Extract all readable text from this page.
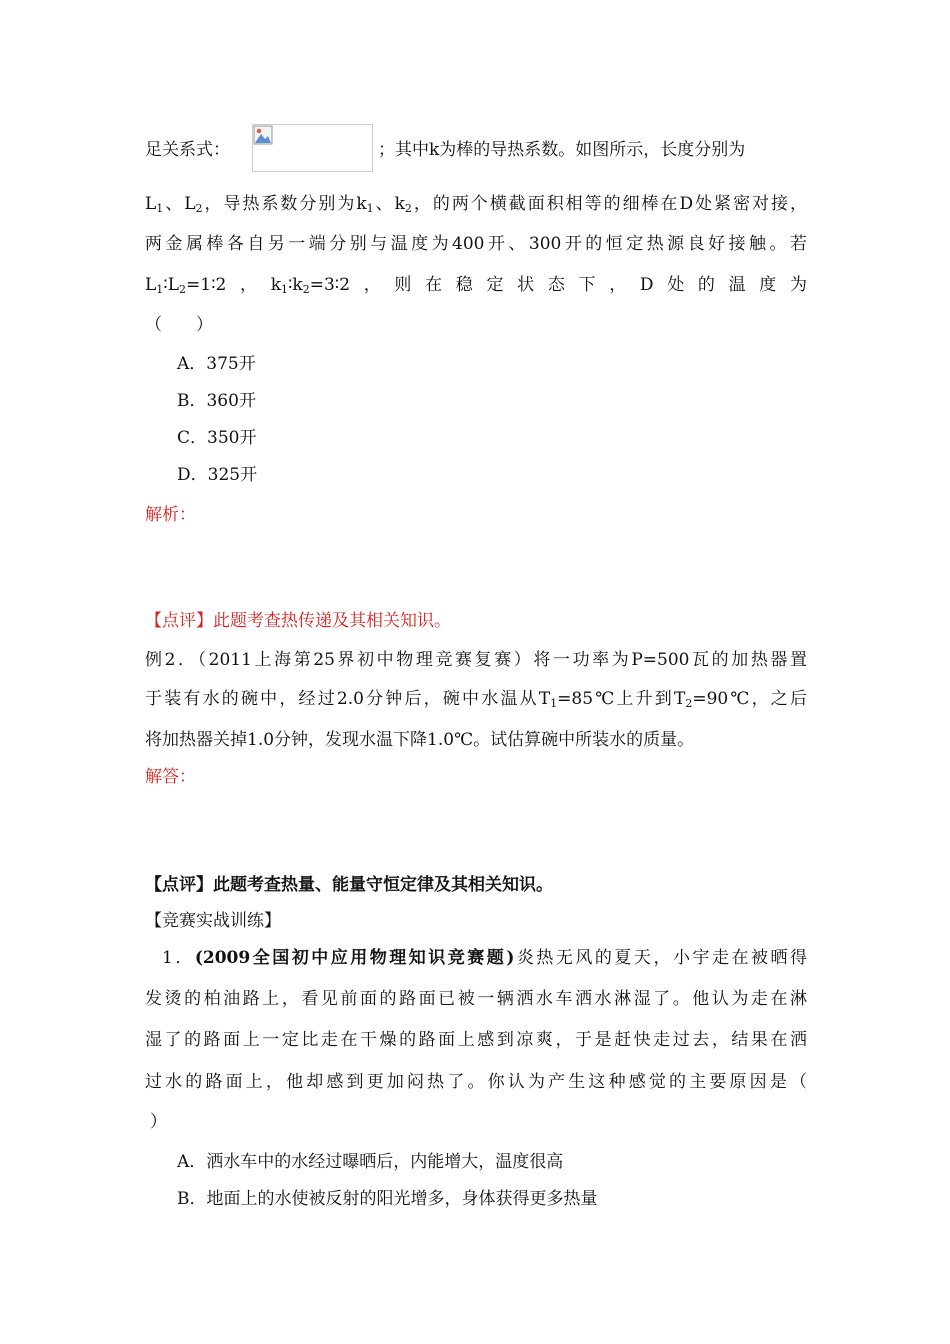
足关系式：	；其中k为棒的导热系数。如图所示，长度分别为
$L_1$、$L_2$，导热系数分别为$k_1$、$k_2$，的两个横截面积相等的细棒在D处紧密对接，
两金属棒各自另一端分别与温度为400开、300开的恒定热源良好接触。若
$L_1∶L_2=1∶2$，$k_1∶k_2=3∶2$，则在稳定状态下，D处的温度为
（　　）
A．375开
B．360开
C．350开
D．325开
解析：
【点评】此题考查热传递及其相关知识。
例2．（2011上海第25界初中物理竞赛复赛）将一功率为P=500瓦的加热器置
于装有水的碗中，经过2.0分钟后，碗中水温从$T_1=85℃$上升到$T_2=90℃$，之后
将加热器关掉1.0分钟，发现水温下降1.0℃。试估算碗中所装水的质量。
解答：
【点评】此题考查热量、能量守恒定律及其相关知识。
【竞赛实战训练】
1．(2009全国初中应用物理知识竞赛题)炎热无风的夏天，小宇走在被晒得
发烫的柏油路上，看见前面的路面已被一辆洒水车洒水淋湿了。他认为走在淋
湿了的路面上一定比走在干燥的路面上感到凉爽，于是赶快走过去，结果在洒
过水的路面上，他却感到更加闷热了。你认为产生这种感觉的主要原因是（
）
A．洒水车中的水经过曝晒后，内能增大，温度很高
B．地面上的水使被反射的阳光增多，身体获得更多热量
